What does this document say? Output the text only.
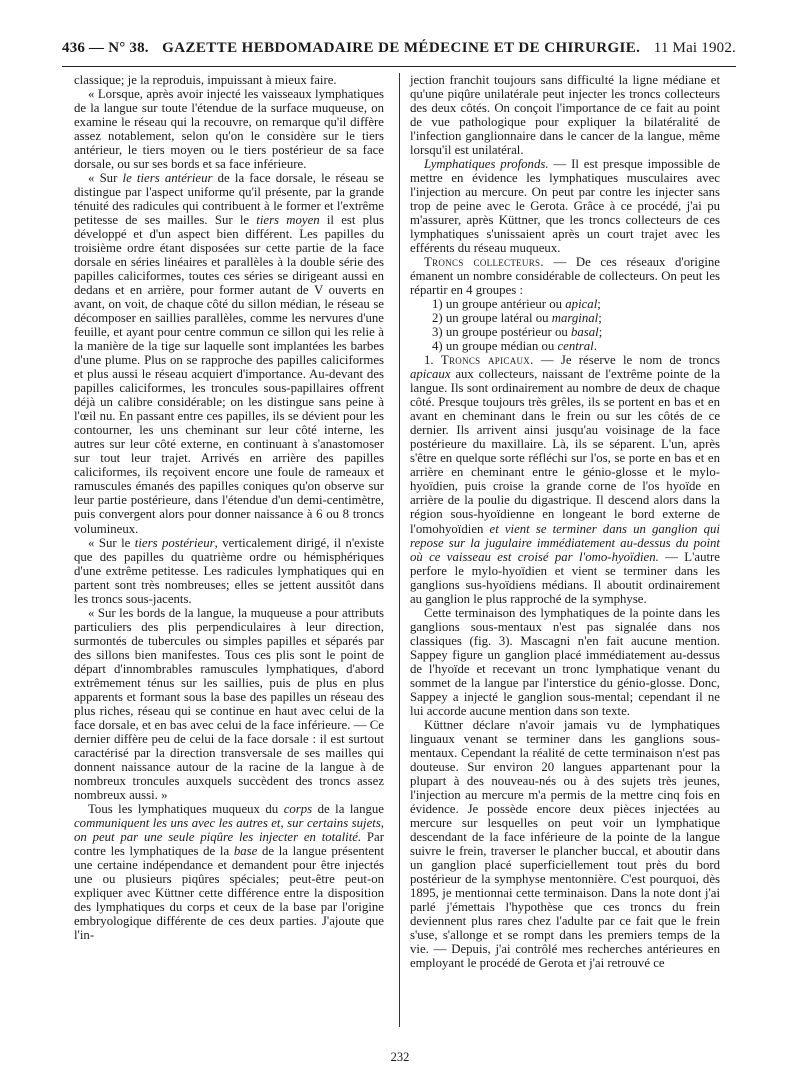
436 — N° 38. GAZETTE HEBDOMADAIRE DE MÉDECINE ET DE CHIRURGIE. 11 Mai 1902.

classique; je la reproduis, impuissant à mieux faire.

« Lorsque, après avoir injecté les vaisseaux lymphatiques de la langue sur toute l'étendue de la surface muqueuse, on examine le réseau qui la recouvre, on remarque qu'il diffère assez notablement, selon qu'on le considère sur le tiers antérieur, le tiers moyen ou le tiers postérieur de sa face dorsale, ou sur ses bords et sa face inférieure.

« Sur le tiers antérieur de la face dorsale, le réseau se distingue par l'aspect uniforme qu'il présente, par la grande ténuité des radicules qui contribuent à le former et l'extrême petitesse de ses mailles. Sur le tiers moyen il est plus développé et d'un aspect bien différent. Les papilles du troisième ordre étant disposées sur cette partie de la face dorsale en séries linéaires et parallèles à la double série des papilles caliciformes, toutes ces séries se dirigeant aussi en dedans et en arrière, pour former autant de V ouverts en avant, on voit, de chaque côté du sillon médian, le réseau se décomposer en saillies parallèles, comme les nervures d'une feuille, et ayant pour centre commun ce sillon qui les relie à la manière de la tige sur laquelle sont implantées les barbes d'une plume. Plus on se rapproche des papilles caliciformes et plus aussi le réseau acquiert d'importance. Au-devant des papilles caliciformes, les troncules sous-papillaires offrent déjà un calibre considérable; on les distingue sans peine à l'œil nu. En passant entre ces papilles, ils se dévient pour les contourner, les uns cheminant sur leur côté interne, les autres sur leur côté externe, en continuant à s'anastomoser sur tout leur trajet. Arrivés en arrière des papilles caliciformes, ils reçoivent encore une foule de rameaux et ramuscules émanés des papilles coniques qu'on observe sur leur partie postérieure, dans l'étendue d'un demi-centimètre, puis convergent alors pour donner naissance à 6 ou 8 troncs volumineux.

« Sur le tiers postérieur, verticalement dirigé, il n'existe que des papilles du quatrième ordre ou hémisphériques d'une extrême petitesse. Les radicules lymphatiques qui en partent sont très nombreuses; elles se jettent aussitôt dans les troncs sous-jacents.

« Sur les bords de la langue, la muqueuse a pour attributs particuliers des plis perpendiculaires à leur direction, surmontés de tubercules ou simples papilles et séparés par des sillons bien manifestes. Tous ces plis sont le point de départ d'innombrables ramuscules lymphatiques, d'abord extrêmement ténus sur les saillies, puis de plus en plus apparents et formant sous la base des papilles un réseau des plus riches, réseau qui se continue en haut avec celui de la face dorsale, et en bas avec celui de la face inférieure. — Ce dernier diffère peu de celui de la face dorsale : il est surtout caractérisé par la direction transversale de ses mailles qui donnent naissance autour de la racine de la langue à de nombreux troncules auxquels succèdent des troncs assez nombreux aussi. »

Tous les lymphatiques muqueux du corps de la langue communiquent les uns avec les autres et, sur certains sujets, on peut par une seule piqûre les injecter en totalité. Par contre les lymphatiques de la base de la langue présentent une certaine indépendance et demandent pour être injectés une ou plusieurs piqûres spéciales; peut-être peut-on expliquer avec Küttner cette différence entre la disposition des lymphatiques du corps et ceux de la base par l'origine embryologique différente de ces deux parties. J'ajoute que l'in-

jection franchit toujours sans difficulté la ligne médiane et qu'une piqûre unilatérale peut injecter les troncs collecteurs des deux côtés. On conçoit l'importance de ce fait au point de vue pathologique pour expliquer la bilatéralité de l'infection ganglionnaire dans le cancer de la langue, même lorsqu'il est unilatéral.

Lymphatiques profonds. — Il est presque impossible de mettre en évidence les lymphatiques musculaires avec l'injection au mercure. On peut par contre les injecter sans trop de peine avec le Gerota. Grâce à ce procédé, j'ai pu m'assurer, après Küttner, que les troncs collecteurs de ces lymphatiques s'unissaient après un court trajet avec les efférents du réseau muqueux.

Troncs collecteurs. — De ces réseaux d'origine émanent un nombre considérable de collecteurs. On peut les répartir en 4 groupes :

1) un groupe antérieur ou apical;

2) un groupe latéral ou marginal;

3) un groupe postérieur ou basal;

4) un groupe médian ou central.

1. Troncs apicaux. — Je réserve le nom de troncs apicaux aux collecteurs, naissant de l'extrême pointe de la langue. Ils sont ordinairement au nombre de deux de chaque côté. Presque toujours très grêles, ils se portent en bas et en avant en cheminant dans le frein ou sur les côtés de ce dernier. Ils arrivent ainsi jusqu'au voisinage de la face postérieure du maxillaire. Là, ils se séparent. L'un, après s'être en quelque sorte réfléchi sur l'os, se porte en bas et en arrière en cheminant entre le génio-glosse et le mylo-hyoïdien, puis croise la grande corne de l'os hyoïde en arrière de la poulie du digastrique. Il descend alors dans la région sous-hyoïdienne en longeant le bord externe de l'omohyoïdien et vient se terminer dans un ganglion qui repose sur la jugulaire immédiatement au-dessus du point où ce vaisseau est croisé par l'omo-hyoïdien. — L'autre perfore le mylo-hyoïdien et vient se terminer dans les ganglions sus-hyoïdiens médians. Il aboutit ordinairement au ganglion le plus rapproché de la symphyse.

Cette terminaison des lymphatiques de la pointe dans les ganglions sous-mentaux n'est pas signalée dans nos classiques (fig. 3). Mascagni n'en fait aucune mention. Sappey figure un ganglion placé immédiatement au-dessus de l'hyoïde et recevant un tronc lymphatique venant du sommet de la langue par l'interstice du génio-glosse. Donc, Sappey a injecté le ganglion sous-mental; cependant il ne lui accorde aucune mention dans son texte.

Küttner déclare n'avoir jamais vu de lymphatiques linguaux venant se terminer dans les ganglions sous-mentaux. Cependant la réalité de cette terminaison n'est pas douteuse. Sur environ 20 langues appartenant pour la plupart à des nouveau-nés ou à des sujets très jeunes, l'injection au mercure m'a permis de la mettre cinq fois en évidence. Je possède encore deux pièces injectées au mercure sur lesquelles on peut voir un lymphatique descendant de la face inférieure de la pointe de la langue suivre le frein, traverser le plancher buccal, et aboutir dans un ganglion placé superficiellement tout près du bord postérieur de la symphyse mentonnière. C'est pourquoi, dès 1895, je mentionnai cette terminaison. Dans la note dont j'ai parlé j'émettais l'hypothèse que ces troncs du frein deviennent plus rares chez l'adulte par ce fait que le frein s'use, s'allonge et se rompt dans les premiers temps de la vie. — Depuis, j'ai contrôlé mes recherches antérieures en employant le procédé de Gerota et j'ai retrouvé ce

232
